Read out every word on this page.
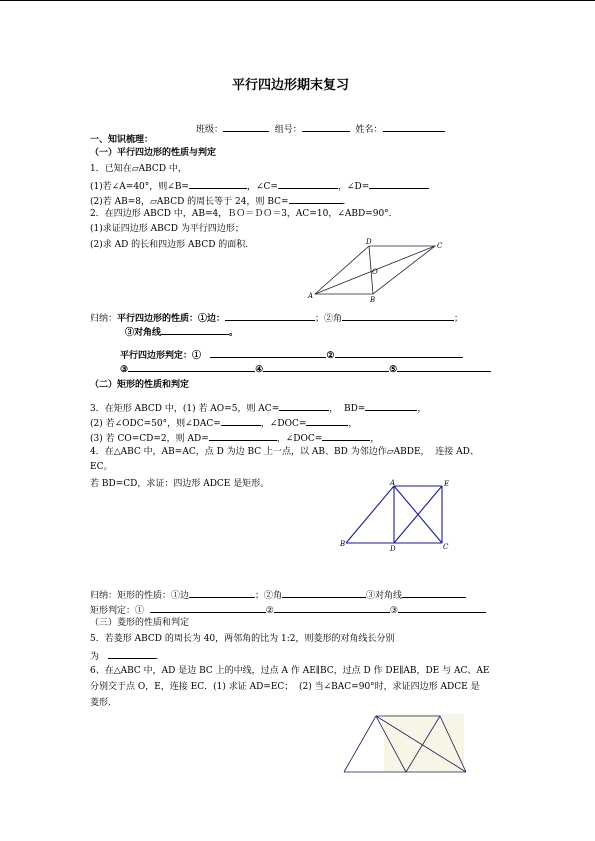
平行四边形期末复习
班级：	组号：	姓名：
一、知识梳理：
（一）平行四边形的性质与判定
1．已知在▱ABCD 中，
(1)若∠A=40°，则∠B=	，∠C=	，∠D=
(2)若 AB=8，▱ABCD 的周长等于 24，则 BC=	．
2．在四边形 ABCD 中，AB=4，ＢＯ＝ＤＯ＝3，AC=10，∠ABD=90°．
(1)求证四边形 ABCD 为平行四边形；
(2)求 AD 的长和四边形 ABCD 的面积.	D	C
A	B
O
归纳：平行四边形的性质：①边：	；②角	；
③对角线	。
平行四边形判定：①	②
③	④	⑤
（二）矩形的性质和判定
3．在矩形 ABCD 中，(1) 若 AO=5，则 AC=	，  BD=	，
(2) 若∠ODC=50°，则∠DAC=	，∠DOC=	，
(3) 若 CO=CD=2，则 AD=	，∠DOC=	，
4．在△ABC 中，AB=AC，点 D 为边 BC 上一点，以 AB、BD 为邻边作▱ABDE，  连接 AD、
EC。
若 BD=CD，求证：四边形 ADCE 是矩形。	A	E
B
D	C
归纳：矩形的性质：①边	；②角	③对角线
矩形判定：①	②	③
（三）菱形的性质和判定
5．若菱形 ABCD 的周长为 40，两邻角的比为 1:2，则菱形的对角线长分别
为	．
6、在△ABC 中，AD 是边 BC 上的中线，过点 A 作 AE∥BC，过点 D 作 DE∥AB，DE 与 AC、AE
分别交于点 O，E，连接 EC．(1) 求证 AD=EC；  (2) 当∠BAC=90°时，求证四边形 ADCE 是
菱形.
